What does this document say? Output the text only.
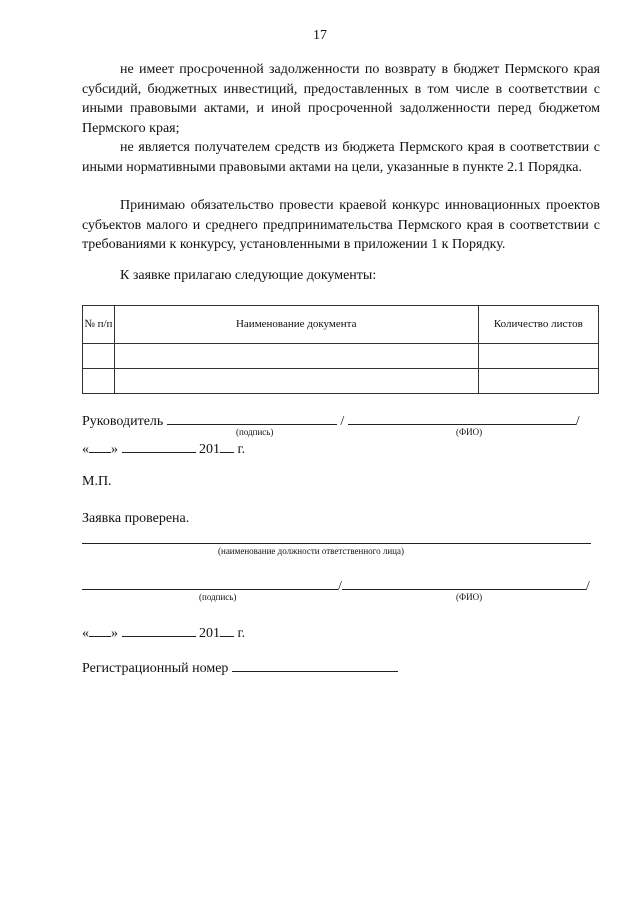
17
не имеет просроченной задолженности по возврату в бюджет Пермского края субсидий, бюджетных инвестиций, предоставленных в том числе в соответствии с иными правовыми актами, и иной просроченной задолженности перед бюджетом Пермского края;
не является получателем средств из бюджета Пермского края в соответствии с иными нормативными правовыми актами на цели, указанные в пункте 2.1 Порядка.
Принимаю обязательство провести краевой конкурс инновационных проектов субъектов малого и среднего предпринимательства Пермского края в соответствии с требованиями к конкурсу, установленными в приложении 1 к Порядку.
К заявке прилагаю следующие документы:
№ п/п	Наименование документа	Количество листов

Руководитель	/	/
(подпись)	(ФИО)
« »	201 г.
М.П.
Заявка проверена.
(наименование должности ответственного лица)
/	/
(подпись)	(ФИО)
« »	201 г.
Регистрационный номер
